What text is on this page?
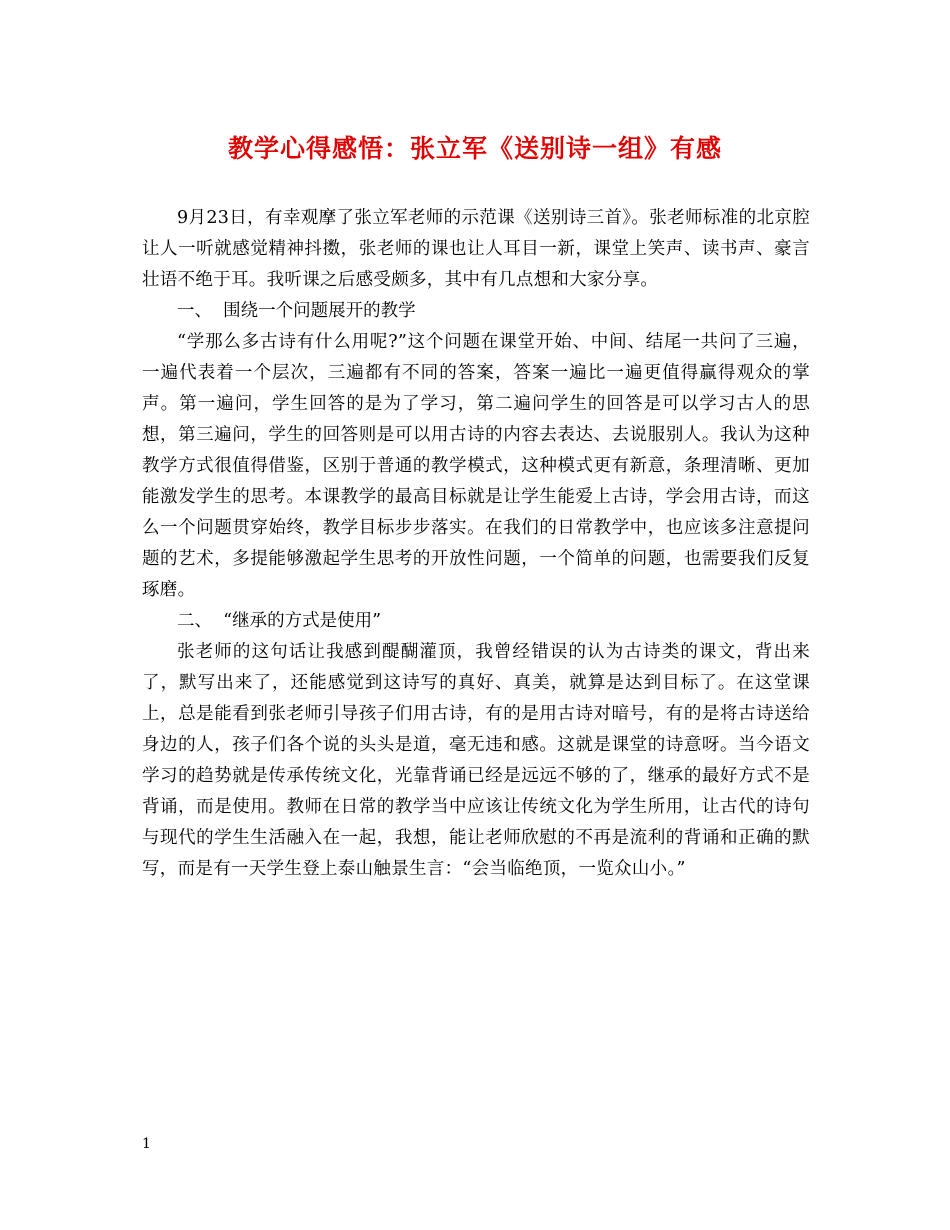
教学心得感悟：张立军《送别诗一组》有感

9月23日，有幸观摩了张立军老师的示范课《送别诗三首》。张老师标准的北京腔让人一听就感觉精神抖擞，张老师的课也让人耳目一新，课堂上笑声、读书声、豪言壮语不绝于耳。我听课之后感受颇多，其中有几点想和大家分享。

一、  围绕一个问题展开的教学

“学那么多古诗有什么用呢?”这个问题在课堂开始、中间、结尾一共问了三遍，一遍代表着一个层次，三遍都有不同的答案，答案一遍比一遍更值得赢得观众的掌声。第一遍问，学生回答的是为了学习，第二遍问学生的回答是可以学习古人的思想，第三遍问，学生的回答则是可以用古诗的内容去表达、去说服别人。我认为这种教学方式很值得借鉴，区别于普通的教学模式，这种模式更有新意，条理清晰、更加能激发学生的思考。本课教学的最高目标就是让学生能爱上古诗，学会用古诗，而这么一个问题贯穿始终，教学目标步步落实。在我们的日常教学中，也应该多注意提问题的艺术，多提能够激起学生思考的开放性问题，一个简单的问题，也需要我们反复琢磨。

二、  “继承的方式是使用”

张老师的这句话让我感到醍醐灌顶，我曾经错误的认为古诗类的课文，背出来了，默写出来了，还能感觉到这诗写的真好、真美，就算是达到目标了。在这堂课上，总是能看到张老师引导孩子们用古诗，有的是用古诗对暗号，有的是将古诗送给身边的人，孩子们各个说的头头是道，毫无违和感。这就是课堂的诗意呀。当今语文学习的趋势就是传承传统文化，光靠背诵已经是远远不够的了，继承的最好方式不是背诵，而是使用。教师在日常的教学当中应该让传统文化为学生所用，让古代的诗句与现代的学生生活融入在一起，我想，能让老师欣慰的不再是流利的背诵和正确的默写，而是有一天学生登上泰山触景生言：“会当临绝顶，一览众山小。”

1
